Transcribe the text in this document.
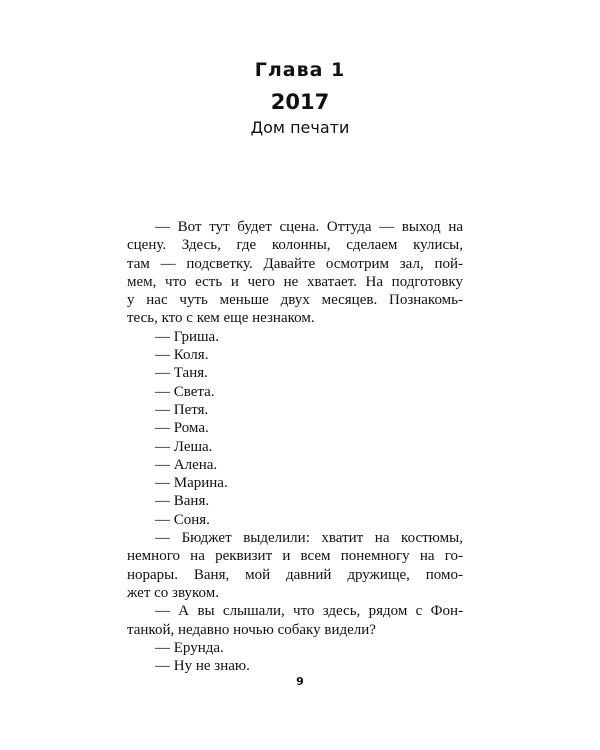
Глава 1
2017
Дом печати
— Вот тут будет сцена. Оттуда — выход на
сцену. Здесь, где колонны, сделаем кулисы,
там — подсветку. Давайте осмотрим зал, пой-
мем, что есть и чего не хватает. На подготовку
у нас чуть меньше двух месяцев. Познакомь-
тесь, кто с кем еще незнаком.
— Гриша.
— Коля.
— Таня.
— Света.
— Петя.
— Рома.
— Леша.
— Алена.
— Марина.
— Ваня.
— Соня.
— Бюджет выделили: хватит на костюмы,
немного на реквизит и всем понемногу на го-
норары. Ваня, мой давний дружище, помо-
жет со звуком.
— А вы слышали, что здесь, рядом с Фон-
танкой, недавно ночью собаку видели?
— Ерунда.
— Ну не знаю.
9
